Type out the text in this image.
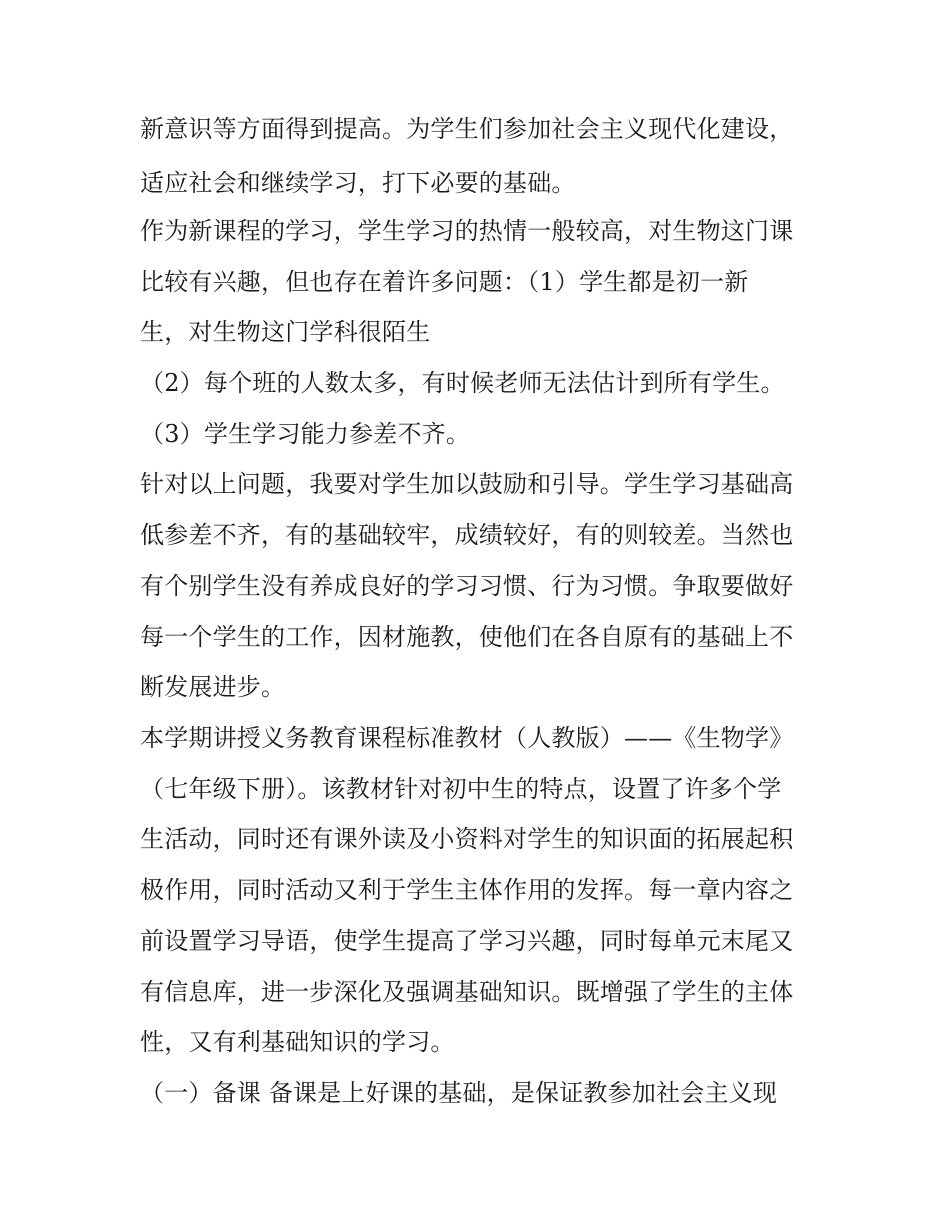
新意识等方面得到提高。为学生们参加社会主义现代化建设，
适应社会和继续学习，打下必要的基础。
作为新课程的学习，学生学习的热情一般较高，对生物这门课
比较有兴趣，但也存在着许多问题：（1）学生都是初一新
生，对生物这门学科很陌生
（2）每个班的人数太多，有时候老师无法估计到所有学生。
（3）学生学习能力参差不齐。
针对以上问题，我要对学生加以鼓励和引导。学生学习基础高
低参差不齐，有的基础较牢，成绩较好，有的则较差。当然也
有个别学生没有养成良好的学习习惯、行为习惯。争取要做好
每一个学生的工作，因材施教，使他们在各自原有的基础上不
断发展进步。
本学期讲授义务教育课程标准教材（人教版）——《生物学》
（七年级下册）。该教材针对初中生的特点，设置了许多个学
生活动，同时还有课外读及小资料对学生的知识面的拓展起积
极作用，同时活动又利于学生主体作用的发挥。每一章内容之
前设置学习导语，使学生提高了学习兴趣，同时每单元末尾又
有信息库，进一步深化及强调基础知识。既增强了学生的主体
性，又有利基础知识的学习。
（一）备课 备课是上好课的基础，是保证教参加社会主义现
